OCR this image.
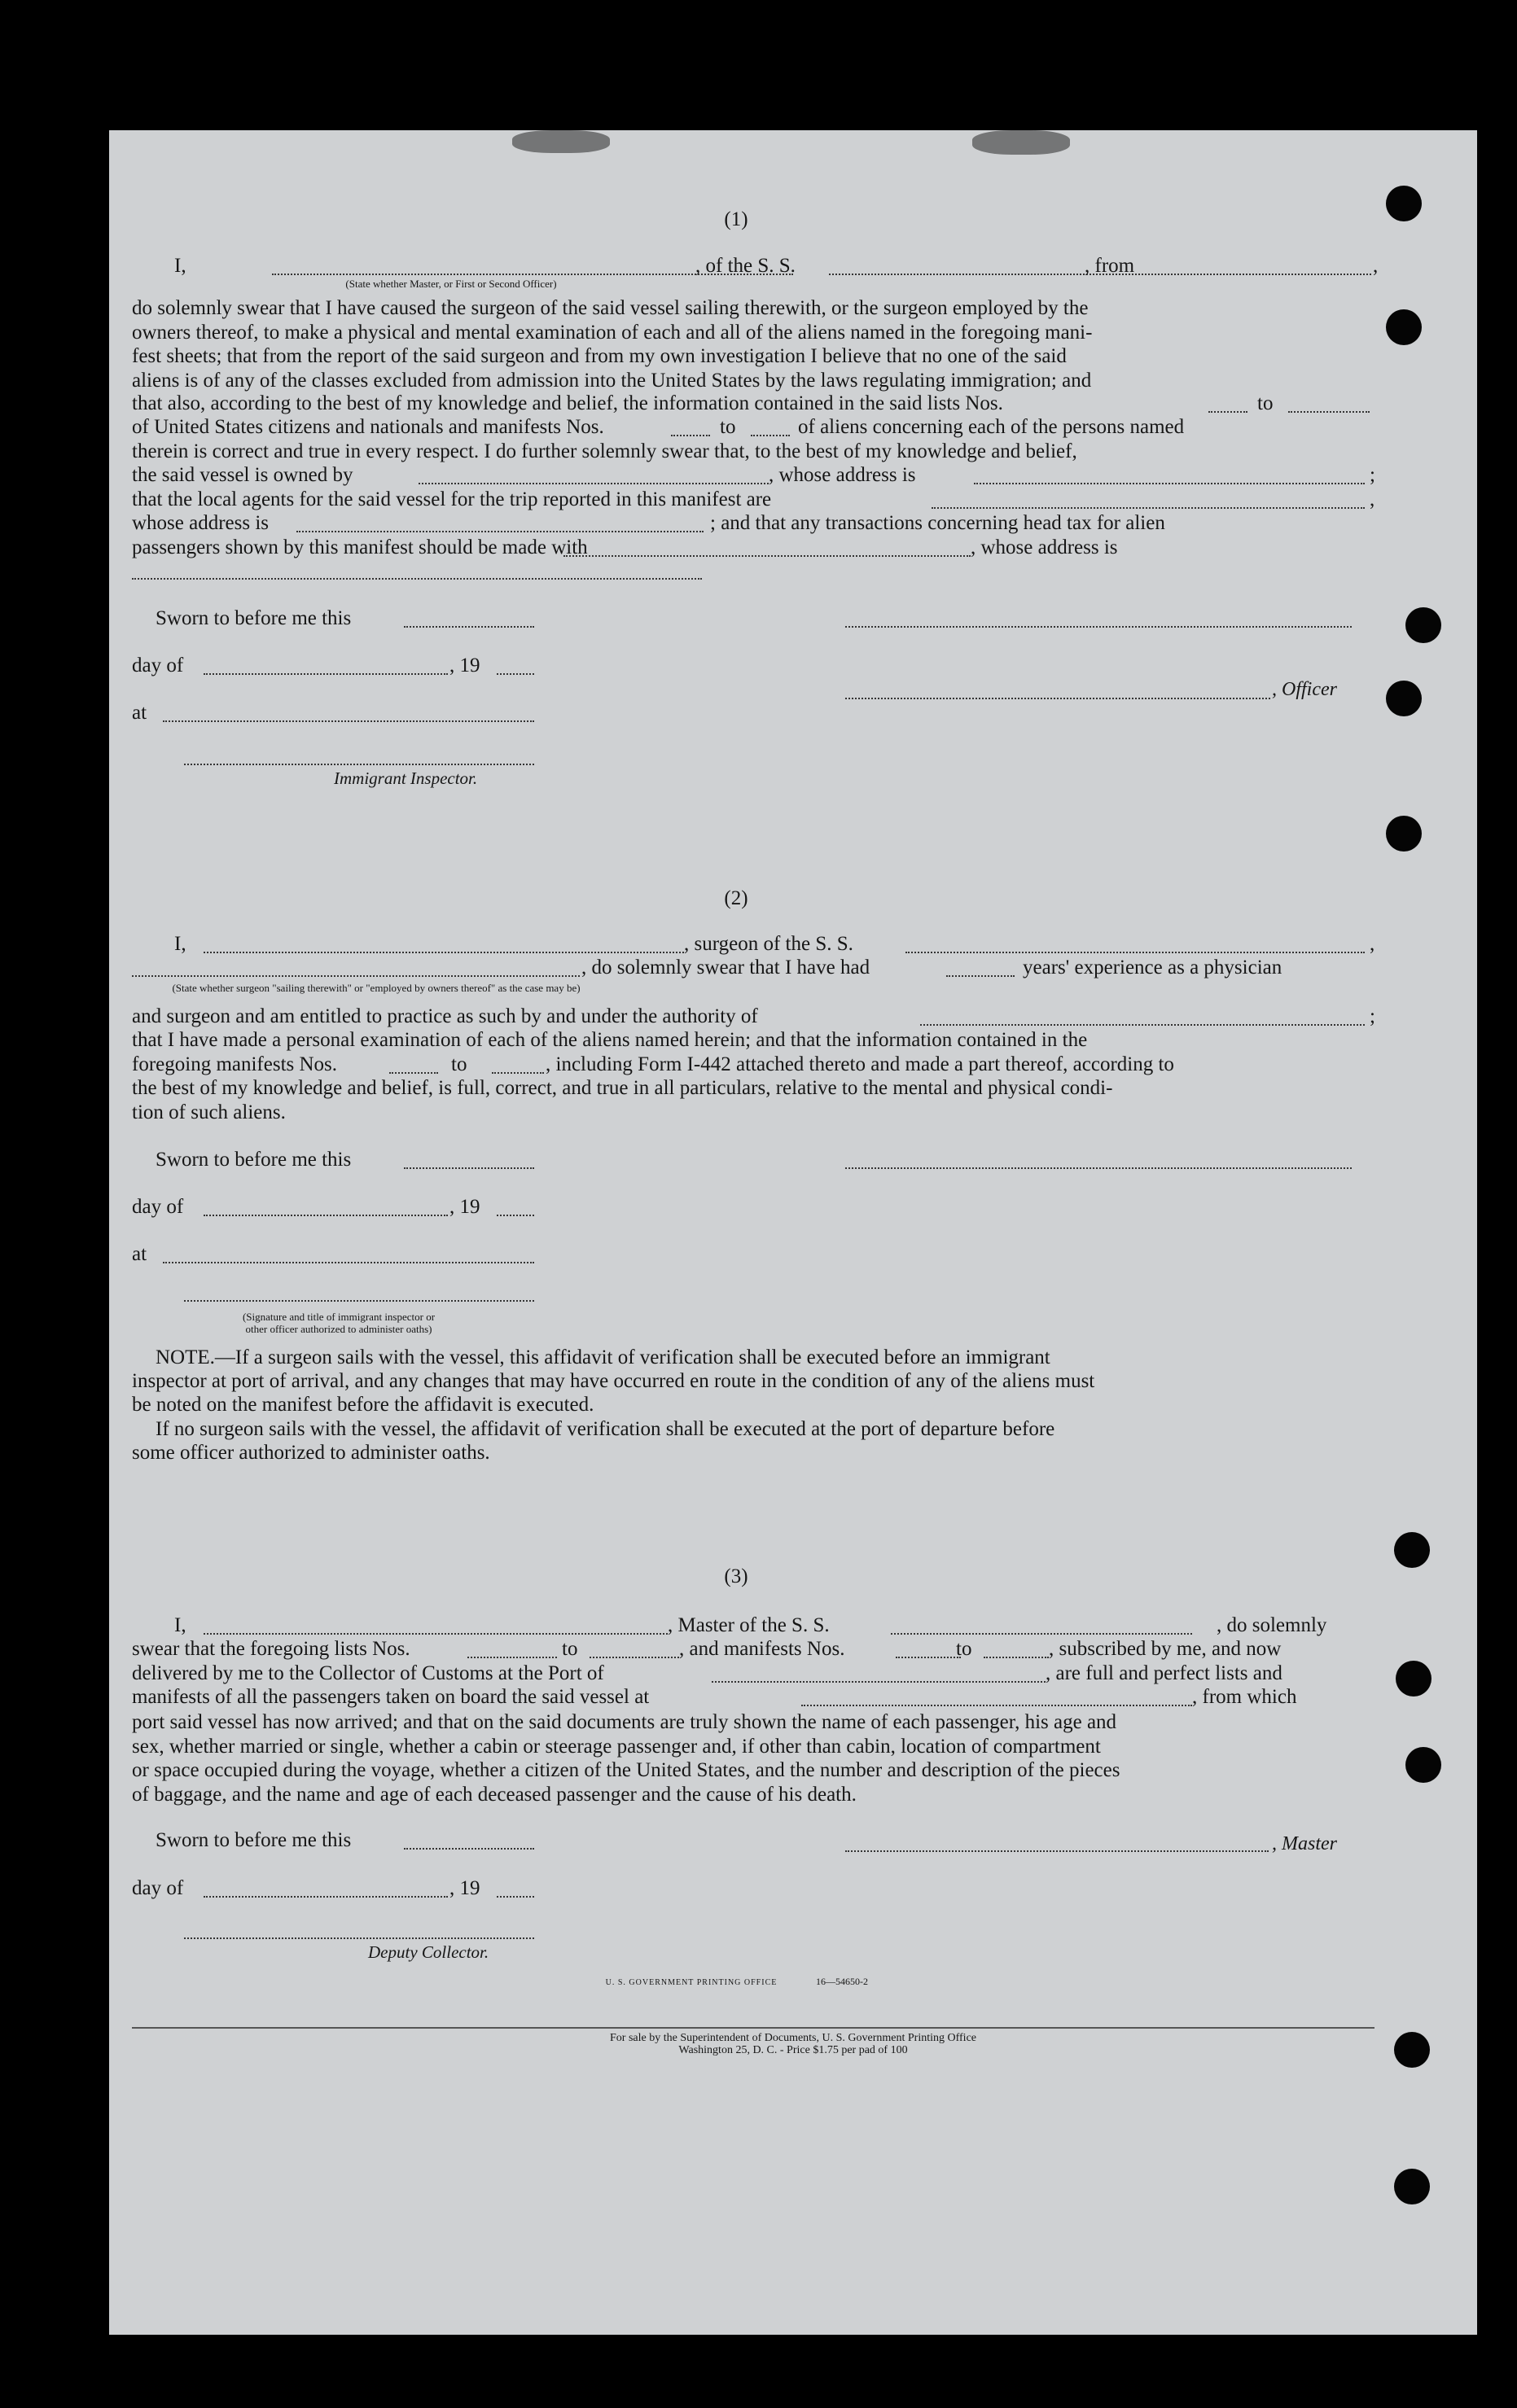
(1)
I,
(State whether Master, or First or Second Officer)
, of the S. S.	, from	,
do solemnly swear that I have caused the surgeon of the said vessel sailing therewith, or the surgeon employed by the
owners thereof, to make a physical and mental examination of each and all of the aliens named in the foregoing mani-
fest sheets; that from the report of the said surgeon and from my own investigation I believe that no one of the said
aliens is of any of the classes excluded from admission into the United States by the laws regulating immigration; and
that also, according to the best of my knowledge and belief, the information contained in the said lists Nos.	to
of United States citizens and nationals and manifests Nos.	to	of aliens concerning each of the persons named
therein is correct and true in every respect. I do further solemnly swear that, to the best of my knowledge and belief,
the said vessel is owned by	, whose address is	;
that the local agents for the said vessel for the trip reported in this manifest are	,
whose address is	; and that any transactions concerning head tax for alien
passengers shown by this manifest should be made with	, whose address is
Sworn to before me this
day of	, 19
, Officer
at
Immigrant Inspector.
(2)
I,	, surgeon of the S. S.	,
, do solemnly swear that I have had	years' experience as a physician
(State whether surgeon "sailing therewith" or "employed by owners thereof" as the case may be)
and surgeon and am entitled to practice as such by and under the authority of	;
that I have made a personal examination of each of the aliens named herein; and that the information contained in the
foregoing manifests Nos.	to	, including Form I-442 attached thereto and made a part thereof, according to
the best of my knowledge and belief, is full, correct, and true in all particulars, relative to the mental and physical condi-
tion of such aliens.
Sworn to before me this
day of	, 19
at
(Signature and title of immigrant inspector or
other officer authorized to administer oaths)
NOTE.—If a surgeon sails with the vessel, this affidavit of verification shall be executed before an immigrant
inspector at port of arrival, and any changes that may have occurred en route in the condition of any of the aliens must
be noted on the manifest before the affidavit is executed.
If no surgeon sails with the vessel, the affidavit of verification shall be executed at the port of departure before
some officer authorized to administer oaths.
(3)
I,	, Master of the S. S.	, do solemnly
swear that the foregoing lists Nos.	to	, and manifests Nos.	to	, subscribed by me, and now
delivered by me to the Collector of Customs at the Port of	, are full and perfect lists and
manifests of all the passengers taken on board the said vessel at	, from which
port said vessel has now arrived; and that on the said documents are truly shown the name of each passenger, his age and
sex, whether married or single, whether a cabin or steerage passenger and, if other than cabin, location of compartment
or space occupied during the voyage, whether a citizen of the United States, and the number and description of the pieces
of baggage, and the name and age of each deceased passenger and the cause of his death.
Sworn to before me this	, Master
day of	, 19
Deputy Collector.
U. S. GOVERNMENT PRINTING OFFICE	16—54650-2
For sale by the Superintendent of Documents, U. S. Government Printing Office
Washington 25, D. C. - Price $1.75 per pad of 100
